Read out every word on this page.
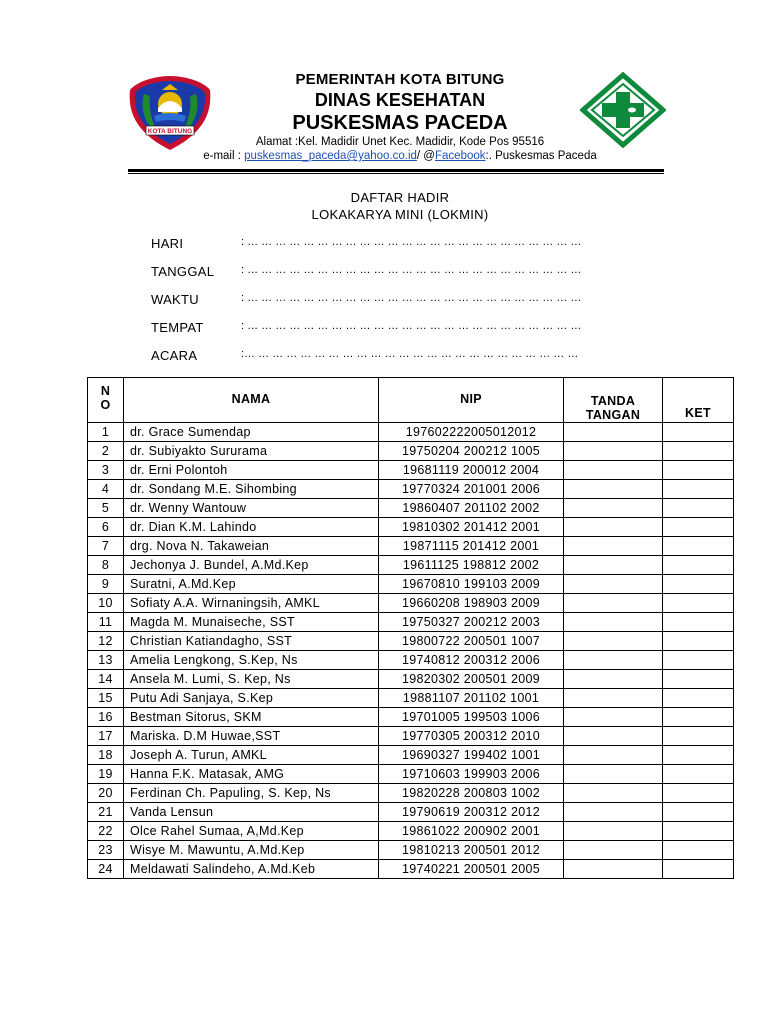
KOTA BITUNG
PEMERINTAH KOTA BITUNG
DINAS KESEHATAN
PUSKESMAS PACEDA
Alamat :Kel. Madidir Unet Kec. Madidir, Kode Pos 95516
e-mail : puskesmas_paceda@yahoo.co.id/ @Facebook:. Puskesmas Paceda
DAFTAR HADIR
LOKAKARYA MINI (LOKMIN)
HARI	: … … … … … … … … … … … … … … … … … … … … … … … …
TANGGAL : … … … … … … … … … … … … … … … … … … … … … … … …
WAKTU	: … … … … … … … … … … … … … … … … … … … … … … … …
TEMPAT	: … … … … … … … … … … … … … … … … … … … … … … … …
ACARA	:… … … … … … … … … … … … … … … … … … … … … … … …
N O	NAMA	NIP	TANDA TANGAN	KET
1	dr. Grace Sumendap	197602222005012012		
2	dr. Subiyakto Sururama	19750204 200212 1005		
3	dr. Erni Polontoh	19681119 200012 2004		
4	dr. Sondang M.E. Sihombing	19770324 201001 2006		
5	dr. Wenny Wantouw	19860407 201102 2002		
6	dr. Dian K.M. Lahindo	19810302 201412 2001		
7	drg. Nova N. Takaweian	19871115 201412 2001		
8	Jechonya J. Bundel, A.Md.Kep	19611125 198812 2002		
9	Suratni, A.Md.Kep	19670810 199103 2009		
10	Sofiaty A.A. Wirnaningsih, AMKL	19660208 198903 2009		
11	Magda M. Munaiseche, SST	19750327 200212 2003		
12	Christian Katiandagho, SST	19800722 200501 1007		
13	Amelia Lengkong, S.Kep, Ns	19740812 200312 2006		
14	Ansela M. Lumi, S. Kep, Ns	19820302 200501 2009		
15	Putu Adi Sanjaya, S.Kep	19881107 201102 1001		
16	Bestman Sitorus, SKM	19701005 199503 1006		
17	Mariska. D.M Huwae,SST	19770305 200312 2010		
18	Joseph A. Turun, AMKL	19690327 199402 1001		
19	Hanna F.K. Matasak, AMG	19710603 199903 2006		
20	Ferdinan Ch. Papuling, S. Kep, Ns	19820228 200803 1002		
21	Vanda Lensun	19790619 200312 2012		
22	Olce Rahel Sumaa, A,Md.Kep	19861022 200902 2001		
23	Wisye M. Mawuntu, A.Md.Kep	19810213 200501 2012		
24	Meldawati Salindeho, A.Md.Keb	19740221 200501 2005		
